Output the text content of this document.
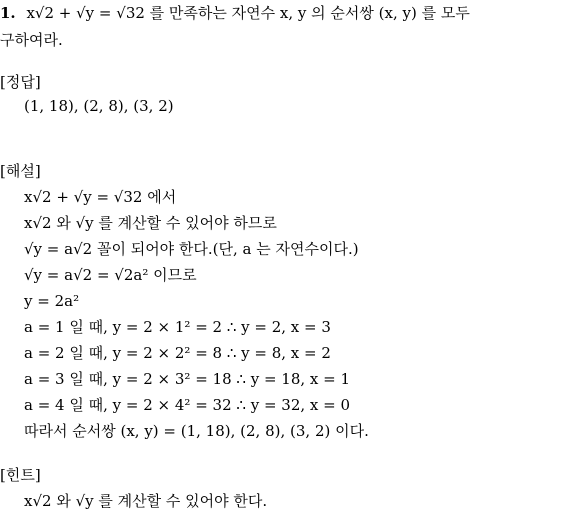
1. x√2 + √y = √32 를 만족하는 자연수 x, y 의 순서쌍 (x, y) 를 모두
구하여라.
[정답]
(1, 18), (2, 8), (3, 2)
[해설]
x√2 + √y = √32 에서
x√2 와 √y 를 계산할 수 있어야 하므로
√y = a√2 꼴이 되어야 한다.(단, a 는 자연수이다.)
√y = a√2 = √2a² 이므로
y = 2a²
a = 1 일 때, y = 2 × 1² = 2 ∴ y = 2, x = 3
a = 2 일 때, y = 2 × 2² = 8 ∴ y = 8, x = 2
a = 3 일 때, y = 2 × 3² = 18 ∴ y = 18, x = 1
a = 4 일 때, y = 2 × 4² = 32 ∴ y = 32, x = 0
따라서 순서쌍 (x, y) = (1, 18), (2, 8), (3, 2) 이다.
[힌트]
x√2 와 √y 를 계산할 수 있어야 한다.
